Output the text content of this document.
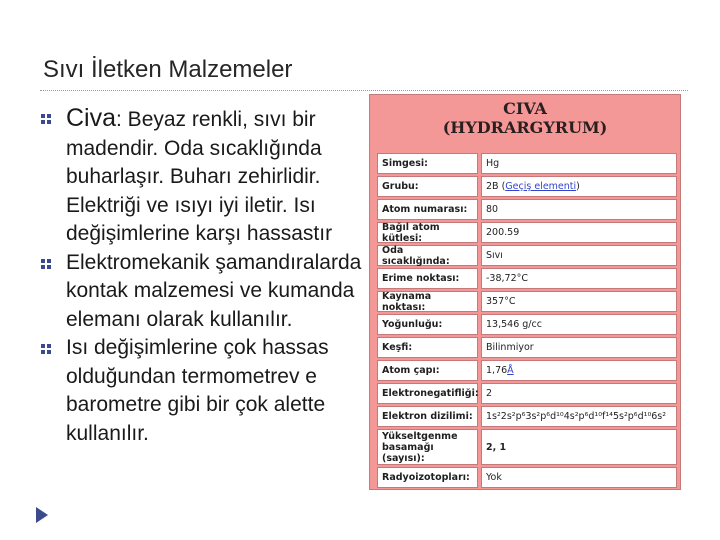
Sıvı İletken Malzemeler
Civa: Beyaz renkli, sıvı bir madendir. Oda sıcaklığında buharlaşır. Buharı zehirlidir. Elektriği ve ısıyı iyi iletir. Isı değişimlerine karşı hassastır
Elektromekanik şamandıralarda kontak malzemesi ve kumanda elemanı olarak kullanılır.
Isı değişimlerine çok hassas olduğundan termometrev e barometre gibi bir çok alette kullanılır.
CIVA
(HYDRARGYRUM)
Simgesi:	Hg
Grubu:	2B ( Geçiş elementi )
Atom numarası:	80
Bağıl atom kütlesi:	200.59
Oda sıcaklığında:	Sıvı
Erime noktası:	-38,72°C
Kaynama noktası:	357°C
Yoğunluğu:	13,546 g/cc
Keşfi:	Bilinmiyor
Atom çapı:	1,76 Å
Elektronegatifliği: 2
Elektron dizilimi:	1s²2s²p⁶3s²p⁶d¹⁰4s²p⁶d¹⁰f¹⁴5s²p⁶d¹⁰6s²
Yükseltgenme basamağı (sayısı):
2, 1
Radyoizotopları:	Yok
